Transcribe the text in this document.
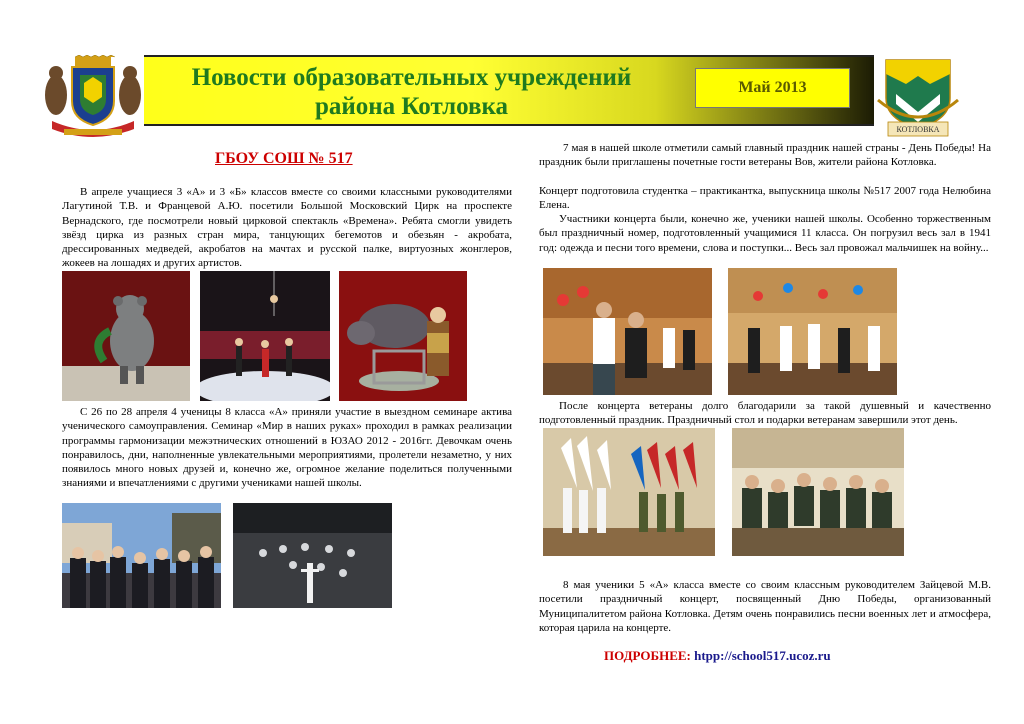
Новости образовательных учреждений
района Котловка
Май 2013
КОТЛОВКА
ГБОУ СОШ № 517

В апреле учащиеся 3 «А» и 3 «Б» классов вместе со своими классными руководителями Лагутиной Т.В. и Францевой А.Ю. посетили Большой Московский Цирк на проспекте Вернадского, где посмотрели новый цирковой спектакль «Времена». Ребята смогли увидеть звёзд цирка из разных стран мира, танцующих бегемотов и обезьян - акробата, дрессированных медведей, акробатов на мачтах и русской палке, виртуозных жонглеров, жокеев на лошадях и других артистов.

С 26 по 28 апреля 4 ученицы 8 класса «А» приняли участие в выездном семинаре актива ученического самоуправления. Семинар «Мир в наших руках» проходил в рамках реализации программы гармонизации межэтнических отношений в ЮЗАО 2012 - 2016гг. Девочкам очень понравилось, дни, наполненные увлекательными мероприятиями, пролетели незаметно, у них появилось много новых друзей и, конечно же, огромное желание поделиться полученными знаниями и впечатлениями с другими учениками нашей школы.

7 мая в нашей школе отметили самый главный праздник нашей страны - День Победы! На праздник были приглашены почетные гости ветераны Вов, жители района Котловка.

Концерт подготовила студентка – практикантка, выпускница школы №517 2007 года Нелюбина Елена.

Участники концерта были, конечно же, ученики нашей школы. Особенно торжественным был праздничный номер, подготовленный учащимися 11 класса. Он погрузил весь зал в 1941 год: одежда и песни того времени, слова и поступки... Весь зал провожал мальчишек на войну...

После концерта ветераны долго благодарили за такой душевный и качественно подготовленный праздник. Праздничный стол и подарки ветеранам завершили этот день.

8 мая ученики 5 «А» класса вместе со своим классным руководителем Зайцевой М.В. посетили праздничный концерт, посвященный Дню Победы, организованный Муниципалитетом района Котловка. Детям очень понравились песни военных лет и атмосфера, которая царила на концерте.

ПОДРОБНЕЕ: htpp://school517.ucoz.ru
